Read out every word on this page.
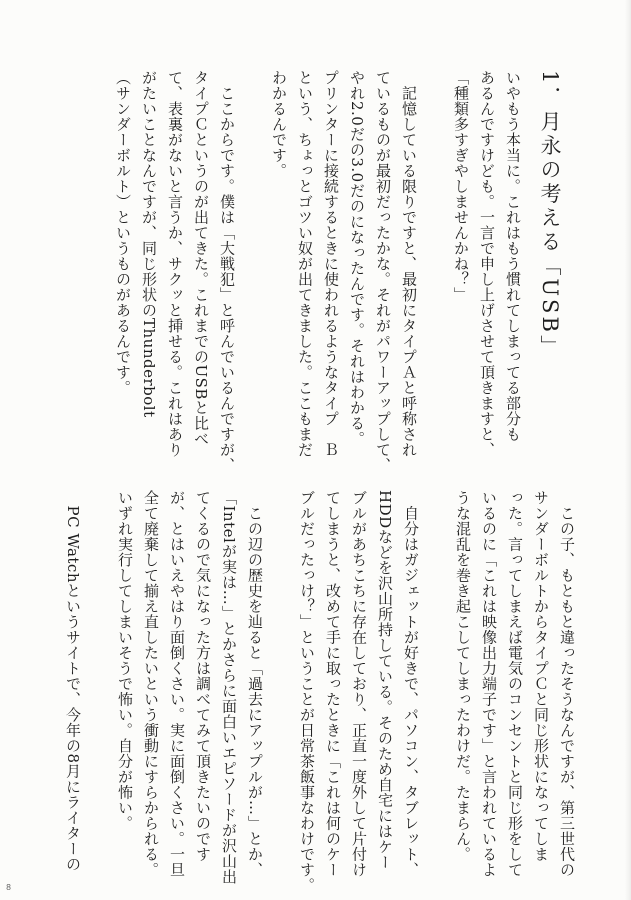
1．月永の考える「USB」
いやもう本当に。これはもう慣れてしまってる部分も
あるんですけども。一言で申し上げさせて頂きますと、
「種類多すぎやしませんかね？」

　記憶している限りですと、最初にタイプＡと呼称され
ているものが最初だったかな。それがパワーアップして、
やれ2.0だの3.0だのになったんです。それはわかる。
プリンターに接続するときに使われるようなタイプ　Ｂ
という、ちょっとゴツい奴が出てきました。ここもまだ
わかるんです。

　ここからです。僕は「大戦犯」と呼んでいるんですが、
タイプＣというのが出てきた。これまでのUSBと比べ
て、表裏がないと言うか、サクッと挿せる。これはあり
がたいことなんですが、同じ形状のThunderbolt
（サンダーボルト）というものがあるんです。
　この子、もともと違ったそうなんですが、第三世代の
サンダーボルトからタイプＣと同じ形状になってしま
った。言ってしまえば電気のコンセントと同じ形をして
いるのに「これは映像出力端子です」と言われているよ
うな混乱を巻き起こしてしまったわけだ。たまらん。

　自分はガジェットが好きで、パソコン、タブレット、
HDDなどを沢山所持している。そのため自宅にはケー
ブルがあちこちに存在しており、正直一度外して片付け
てしまうと、改めて手に取ったときに「これは何のケー
ブルだったっけ？」ということが日常茶飯事なわけです。

　この辺の歴史を辿ると「過去にアップルが…」とか、
「Intelが実は…」とかさらに面白いエピソードが沢山出
てくるので気になった方は調べてみて頂きたいのです
が、とはいえやはり面倒くさい。実に面倒くさい。一旦
全て廃棄して揃え直したいという衝動にすらかられる。
いずれ実行してしまいそうで怖い。自分が怖い。

　PC Watchというサイトで、今年の8月にライターの
8
